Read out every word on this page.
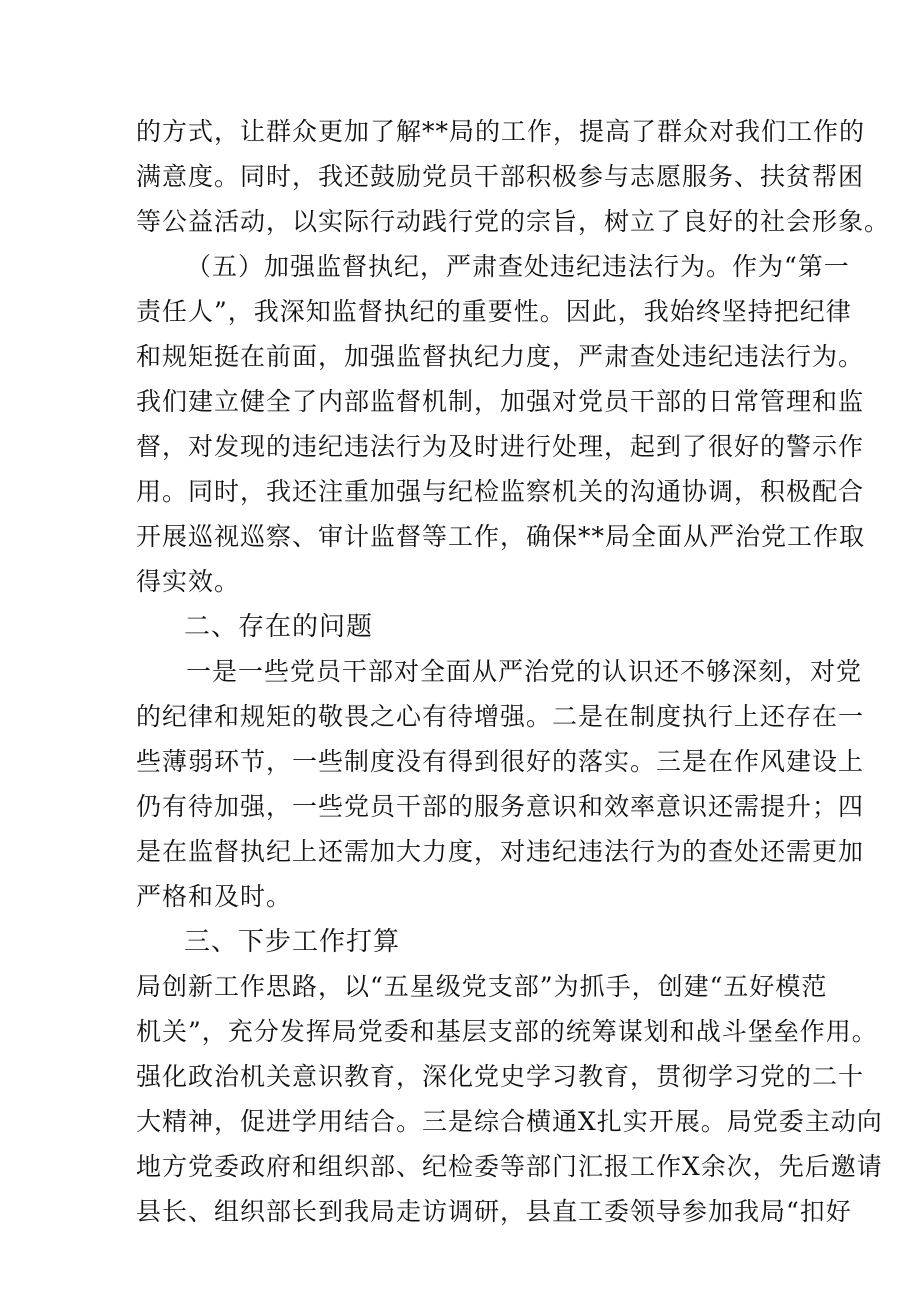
的方式，让群众更加了解**局的工作，提高了群众对我们工作的
满意度。同时，我还鼓励党员干部积极参与志愿服务、扶贫帮困
等公益活动，以实际行动践行党的宗旨，树立了良好的社会形象。
（五）加强监督执纪，严肃查处违纪违法行为。作为“第一
责任人”，我深知监督执纪的重要性。因此，我始终坚持把纪律
和规矩挺在前面，加强监督执纪力度，严肃查处违纪违法行为。
我们建立健全了内部监督机制，加强对党员干部的日常管理和监
督，对发现的违纪违法行为及时进行处理，起到了很好的警示作
用。同时，我还注重加强与纪检监察机关的沟通协调，积极配合
开展巡视巡察、审计监督等工作，确保**局全面从严治党工作取
得实效。
二、存在的问题
一是一些党员干部对全面从严治党的认识还不够深刻，对党
的纪律和规矩的敬畏之心有待增强。二是在制度执行上还存在一
些薄弱环节，一些制度没有得到很好的落实。三是在作风建设上
仍有待加强，一些党员干部的服务意识和效率意识还需提升；四
是在监督执纪上还需加大力度，对违纪违法行为的查处还需更加
严格和及时。
三、下步工作打算
局创新工作思路，以“五星级党支部”为抓手，创建“五好模范
机关”，充分发挥局党委和基层支部的统筹谋划和战斗堡垒作用。
强化政治机关意识教育，深化党史学习教育，贯彻学习党的二十
大精神，促进学用结合。三是综合横通X扎实开展。局党委主动向
地方党委政府和组织部、纪检委等部门汇报工作X余次，先后邀请
县长、组织部长到我局走访调研，县直工委领导参加我局“扣好
